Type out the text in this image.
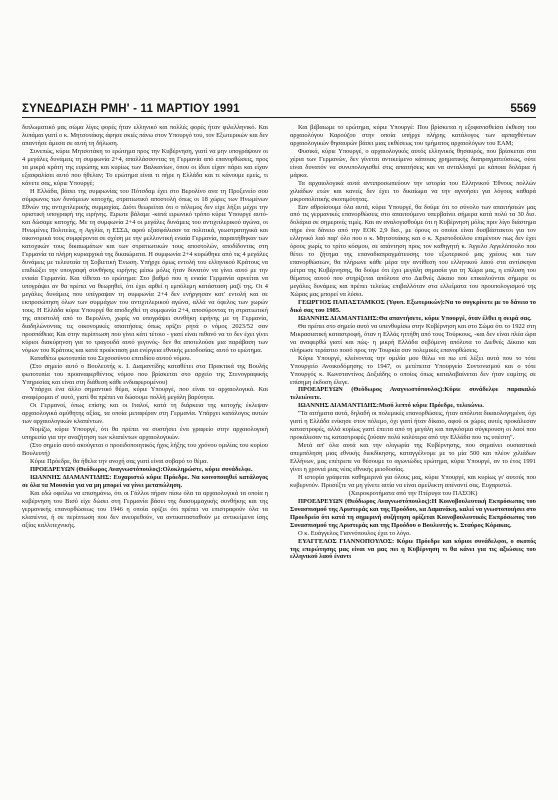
ΣΥΝΕΔΡΙΑΣΗ ΡΜΗ' - 11 ΜΑΡΤΙΟΥ 1991	5569

διπλωματικό μας σώμα λίγες φορές ήταν ελληνικό και πολλές φορές ήταν φιλελληνικό. Και λυπάμαι γιατί ο κ. Μητσοτάκης άφησε σκιές πάνω στον Υπουργό του, τον Εξωτερικών και δεν απαντήσε άμεσα σε αυτή τη δήλωση.

Συνεπώς, κύριε Μητσοτάκη το ερώτημα προς την Κυβέρνηση, γιατί να μην υπογράψουν οι 4 μεγάλες δυνάμεις τη συμφωνία 2+4, απαλλάσσοντας τη Γερμανία από επανορθώσεις, προς τα μικρά κράτη της ευρώπης και κυρίως των Βαλκανίων, όπου οι ίδιοι είχαν πάρει και είχαν εξασφαλίσει αυτό που ήθελαν; Το ερώτημα είναι τι πήρε η Ελλάδα και τι κάνουμε εμείς, τι κάνετε σας, κύριε Υπουργέ;

Η Ελλάδα, βάσει της συμφωνίας του Πότσδαμ έχει στο Βερολίνο ανα τη Προξενείο σου σύμφωνος των δυνάμεων κατοχής, στρατιωτικό αποστολή όπως οι 18 χώρες των Ηνωμένων Εθνών της αντιχιτλερικής συμμαχίας. Διότι θεωρείται ότι ο πόλεμος δεν είχε λήξει μέχρι την οριστική υπογραφή της ειρήνης. Ειρωτε βάλαμε -κατά ειρωνικό τρόπο κύριε Υπουργέ αυτό- και δώσαμε κατοχής. Με τη συμφωνία 2+4 οι μεγάλες δυνάμεις του αντιχιτλερικού αγώνα, οι Ηνωμένες Πολιτείες, η Αγγλία, η ΕΣΣΔ, αφού εξασφάλισαν τα πολιτικά, γεωστρατηγικά και οικονομικά τους συμφέροντα σε σχέση με την μελλοντική ενιαία Γερμανία, παραιτήθηκαν των κατοχικών τους δικαιωμάτων και των στρατιωτικών τους αποστολών, αποδίδοντας στη Γερμανία τα πλήρη κυριαρχικά της δικαιώματα. Η συμφωνία 2+4 κυρώθηκε από τις 4 μεγάλες δυνάμεις με τελευταία τη Σοβιετική Ένωση. Υπήρχε όμως εντολή του ελληνικού Κράτους να επιδιώξει την υπογραφή συνθήκης ειρήνης μέσω μόλις ήταν δυνατόν να γίνει αυτό με την ενιαία Γερμανία. Και τίθεται το ερώτημα: Στο βαθμό που η ενιαία Γερμανία αρνείται να υπογράψει αν θα πρέπει να θεωρηθεί, ότι έχει αρθεί η εμπόλεμη κατάσταση μαζί της. Οι 4 μεγάλες δυνάμεις που υπέγραψαν τη συμφωνία 2+4 δεν ενήργησαν κατ' εντολή και σε εκπροσώπηση όλων των συμμάχων του αντιχιτλερικού αγώνα, αλλά να όφελος των χωρών τους. Η Ελλάδα κύριε Υπουργέ θα αποδεχθεί τη συμφωνία 2+4, αποσύροντας τη στρατιωτική της αποστολή από το Βερολίνο, χωρίς να υπογράψει συνθήκη ειρήνης με τη Γερμανία, διαδηλώνοντας τις οικονομικές απαιτήσεις όπως ορίζει ρητά ο νόμος 2023/52 σαν προσπάθεια; Και στην περίπτωση που γίνει κάτι τέτοιο - γιατί είναι πιθανό να το δεν έχει γίνει κύριοι διακύρηνση για το τραγουδά αυτό γεγονός- δεν θα αποτελούσε μια παράβαση των νόμων του Κράτους και κατά προέκταση μια ενέργεια εθνικής μειοδοσίας; αυτό το ερώτημα.

Καταθέτω φωτοτυπία του Σεχσοσύνου επιτιδίου αυτού νόμου.

(Στο σημείο αυτό ο Βουλευτής κ. Ι. Διαμαντίδης καταθέτει στα Πρακτικά της Βουλής φωτοτυπία του προαναφερθέντος νόμου που βρίσκεται στο αρχείο της Στενογραφικής Υπηρεσίας και είναι στη διάθεση κάθε ενδιαφερομένου)

Υπάρχει ένα άλλο σημαντικό θέμα, κύριε Υπουργέ, που είναι τα αρχαιολογικά. Και αναφέρομαι σ' αυτό, γιατί θα πρέπει να δώσουμε πολλή μεγάλη βαρύτητα.

Οι Γερμανοί, όπως επίσης και οι Ιταλοί, κατά τη διάρκεια της κατοχής έκλεψαν αρχαιολογικά αμύθητης αξίας, τα οποία μεταφέραν στη Γερμανία. Υπάρχει κατάλογος αυτών των αρχαιολογικών κλαπέντων.

Νομίζω, κύριε Υπουργέ, ότι θα πρέπει να συστήσει ένα γραφείο στην αρχαιολογική υπηρεσία για την αναζήτηση των κλαπέντων αρχαιολογικών.

(Στο σημείο αυτό ακούγεται ο προειδοποιητικός ήχος λήξης του χρόνου ομιλίας του κυρίου Βουλευτή)

Κύριε Πρόεδρε, θα ήθελα την ανοχή σας γιατί είναι σοβαρό το θέμα.

ΠΡΟΕΔΡΕΥΩΝ (Θεόδωρος Αναγνωστόπουλος):Ολοκληρώστε, κύριε συνάδελφε.

ΙΩΑΝΝΗΣ ΔΙΑΜΑΝΤΙΔΗΣ: Ευχαριστώ κύριε Πρόεδρε. Να κοινοποιηθεί κατάλογος σε όλα τα Μουσεία για να μη μπορεί να γίνει μεταπώληση.

Και εδώ οφείλω να επισημάνω, ότι οι Γάλλοι πήραν πίσω όλα τα αρχαιολογικά τα οποία η κυβέρνηση του Βισύ είχε δώσει στη Γερμανία βάσει της διασυμμαχικής συνθήκης και της γερμανικής επανορθώσεως του 1946 η οποία ορίζει ότι πρέπει να επιστραφούν όλα τα κλαπέντα, ή σε περίπτωση που δεν ανευρεθούν, να αντικατασταθούν με αντικείμενα ίσης αξίας καλλιτεχνικής.

Και βέβαιωμε το ερώτημα, κύριε Υπουργέ: Που βρίσκεται η εξοφανισθείσα έκθεση του αρχαιολόγου Καρούζου στην οποία υπήρχε πλήρης κατάλογος των αρπαχθέντων αρχαιολογικών θησαυρών βάσει μιας εκθέσεως του τμήματος αρχαιολόγων του ΕΑΜ;

Φυσικά, κύριε Υπουργέ, ο αρχαιολογικός αυτός ελληνικός θησαυρός, που βρίσκεται στα χέρια των Γερμανών, δεν γίνεται αντικείμενο κάποιας χρηματικής διαπραγματεύσεως, ούτε είναι δυνατόν να συνυπολογισθεί στις απαιτήσεις και να ανταλλαγεί με κάποια δολάρια ή μάρκα.

Τα αρχαιολογικά αυτά αντιπροσωπεύουν την ιστορία του Ελληνικού Έθνους πολλών χιλιάδων ετών και κανείς δεν έχει το δικαίωμα να την αγνοήσει για λόγους καθαρά μικροπολιτικής σκοπιμότητας.

Εαν αθροίσουμε όλα αυτά, κύριε Υπουργέ, θα δούμε ότι το σύνολο των απαιτήσεών μας από τις γερμανικές επανορθώσεις στο απαιτούμενο υπερβαίνει σήμερα κατά πολύ τα 30 δισ. δολάρια σε σημερινές τιμές. Και αν αναλογισθούμε ότι η Κυβέρνηση μόλις πριν λίγο διάστημα πήρε ένα δάνειο από την ΕΟΚ 2,9 δισ., με όρους οι οποίοι είναι δυσβάστακτοι για τον ελληνικό λαό παρ' όλο που ο κ. Μητσοτάκης και ο κ. Χριστοδούλου επιμένουν πως δεν έχει όρους χωρίς το τρίτο κόσμου, σε απάντηση προς τον καθηγητή κ. Άγγελο Αγγελόπουλο που θέτει το ζήτημα της επαναδιαπραγμάτευσης του εξωτερικού μας χρέους και των επανορθώσεων, θα πλήρωνε κάθε μέρα την αντίθεση του ελληνικού λαού στα αντίσκηνα μέτρα της Κυβέρνησης, θα δούμε ότι έχει μεγάλη σημασία για τη Χώρα μας, η επίλυση του θέματος αυτού που στηρίζεται απόλυτα στο Διεθνές Δίκαιο που επικαλούνται σήμερα οι μεγάλες δυνάμεις και πρέπει τελείως επιβαλλόταν στα ελλείματα του προυπολογισμού της Χώρας μας μπορεί να λύσει.

ΓΕΩΡΓΙΟΣ ΠΑΠΑΣΤΑΜΚΟΣ (Υφυπ. Εξωτερικών):Να το συγκρίνετε με το δάνειο το δικό σας του 1985.

ΙΩΑΝΝΗΣ ΔΙΑΜΑΝΤΙΔΗΣ:Θα απαντήσετε, κύριε Υπουργέ, όταν έλθει η σειρά σας.

Θα πρέπει στο σημείο αυτό να υπενθυμίσω στην Κυβέρνηση και στο Σώμα ότι το 1922 στη Μικρασιατική καταστροφή, όταν η Ελλάς ηττήθη από τους Τούρκους, -και δεν είναι πλέα ώρα να αναφερθώ γιατί και πώς- η μικρή Ελλάδα σεβόμενη απόλυτα το Διεθνές Δίκαιο και πλήρωσε τεράστιο ποσό προς την Τουρκία σαν πολεμικές επανορθώσεις.

Κύριε Υπουργέ, κλείνοντας την ομιλία μου θέλω να πω επί λέξει αυτά που το τότε Υπουργείο Ανοικοδόμησης το 1947, οι μετέπειτα Υπουργείο Συντονισμού και ο τότε Υπουργός κ. Κωνσταντίνος Δοξιάδης ο οποίος όπως καταλαβαίνεται δεν ήταν εαμίτης σε επίσημη έκδοση έλεγε.

ΠΡΟΕΔΡΕΥΩΝ (Θεόδωρος Αναγνωστόπουλος):Κύριε συνάδελφε παρακαλώ τελειώνετε.

ΙΩΑΝΝΗΣ ΔΙΑΜΑΝΤΙΔΗΣ:Μισό λεπτό κύριε Πρόεδρε, τελειώνω.

"Τα αιτήματα αυτά, δηλαδή οι πολεμικές επανορθώσεις, ήταν απόλυτα δικαιολογημένα, όχι γιατί η Ελλάδα ενίκησε στον πόλεμο, όχι γιατί ήταν δίκαιο, αφού οι χώρες αυτές προκάλεσαν καταστροφές, αλλά κυρίως γιατί έπειτα από τη μεγάλη και παγκόσμια σύγκρουση οι λαοί που προκάλεσαν τις καταστροφές ζούσαν πολύ καλύτερα από την Ελλάδα που τις υπέστη".

Μετά απ' όλα αυτά και την ολιγωρία της Κυβέρνησης, που σημαίνει ουσιαστικά απεμπόληση μιας εθνικής διεκδίκησης, καταγγέλνομε με το μία 500 και πλέον χιλιάδων Ελλήνων, μας επέτρεπε να θέσουμε το αγωνιώδες ερώτημα, κύριε Υπουργέ, αν το έτος 1991 γίνει η χρονιά μιας νέας εθνικής μειοδοσίας.

Η ιστορία γράφεται καθημερινά για όλους μας, κύριε Υπουργέ, και κυρίως γι' αυτούς που κυβερνούν. Προσέξτε να μη γίνετε αιτία να είναι αμείλικτη απέναντί σας. Ευχαριστώ.

(Χειροκροτήματα από την Πτέρυγα του ΠΑΣΟΚ)

ΠΡΟΕΔΡΕΥΩΝ (Θεόδωρος Αναγνωστόπουλος):Η Κοινοβουλευτική Εκπρόσωπος του Συνασπισμού της Αριστεράς και της Προόδου, κα Δαμανάκη, καλεί να γνωστοποιήσει στο Προεδρείο ότι κατά τη σημερινή συζήτηση ορίζεται Κοινοβουλευτικός Εκπρόσωπος του Συνασπισμού της Αριστεράς και της Προόδου ο Βουλευτής κ. Σταύρος Κόρακας.

Ο κ. Ευάγγελος Γιαννόπουλος έχει το λόγο.

ΕΥΑΓΓΕΛΟΣ ΓΙΑΝΝΟΠΟΥΛΟΣ: Κύριε Πρόεδρε και κύριοι συνάδελφοι, ο σκοπός της επερώτησης μας είναι να μας πει η Κυβέρνηση τι θα κάνει για τις αξιώσεις του ελληνικού λαού έναντι
